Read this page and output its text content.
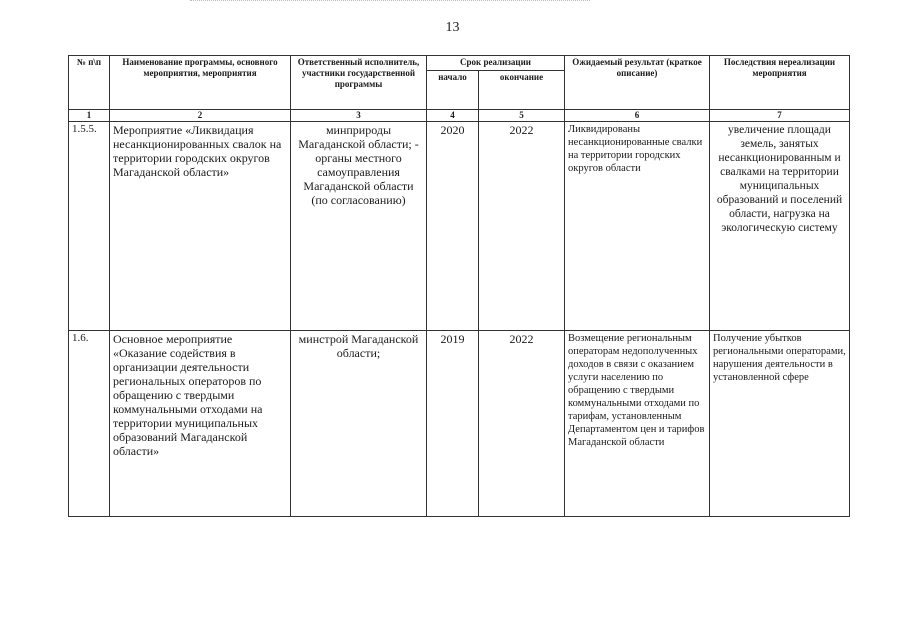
13
№ п\п	Наименование программы, основного мероприятия, мероприятия	Ответственный исполнитель, участники государственной программы	Срок реализации		Ожидаемый результат (краткое описание)	Последствия нереализации мероприятия
			начало	окончание		
1	2	3	4	5	6	7
1.5.5.	Мероприятие «Ликвидация несанкционированных свалок на территории городских округов Магаданской области»	минприроды Магаданской области; - органы местного самоуправления Магаданской области (по согласованию)	2020	2022	Ликвидированы несанкционированные свалки на территории городских округов области	увеличение площади земель, занятых несанкционированным и свалками на территории муниципальных образований и поселений области, нагрузка на экологическую систему
1.6.	Основное мероприятие «Оказание содействия в организации деятельности региональных операторов по обращению с твердыми коммунальными отходами на территории муниципальных образований Магаданской области»	минстрой Магаданской области;	2019	2022	Возмещение региональным операторам недополученных доходов в связи с оказанием услуги населению по обращению с твердыми коммунальными отходами по тарифам, установленным Департаментом цен и тарифов Магаданской области	Получение убытков региональными операторами, нарушения деятельности в установленной сфере
